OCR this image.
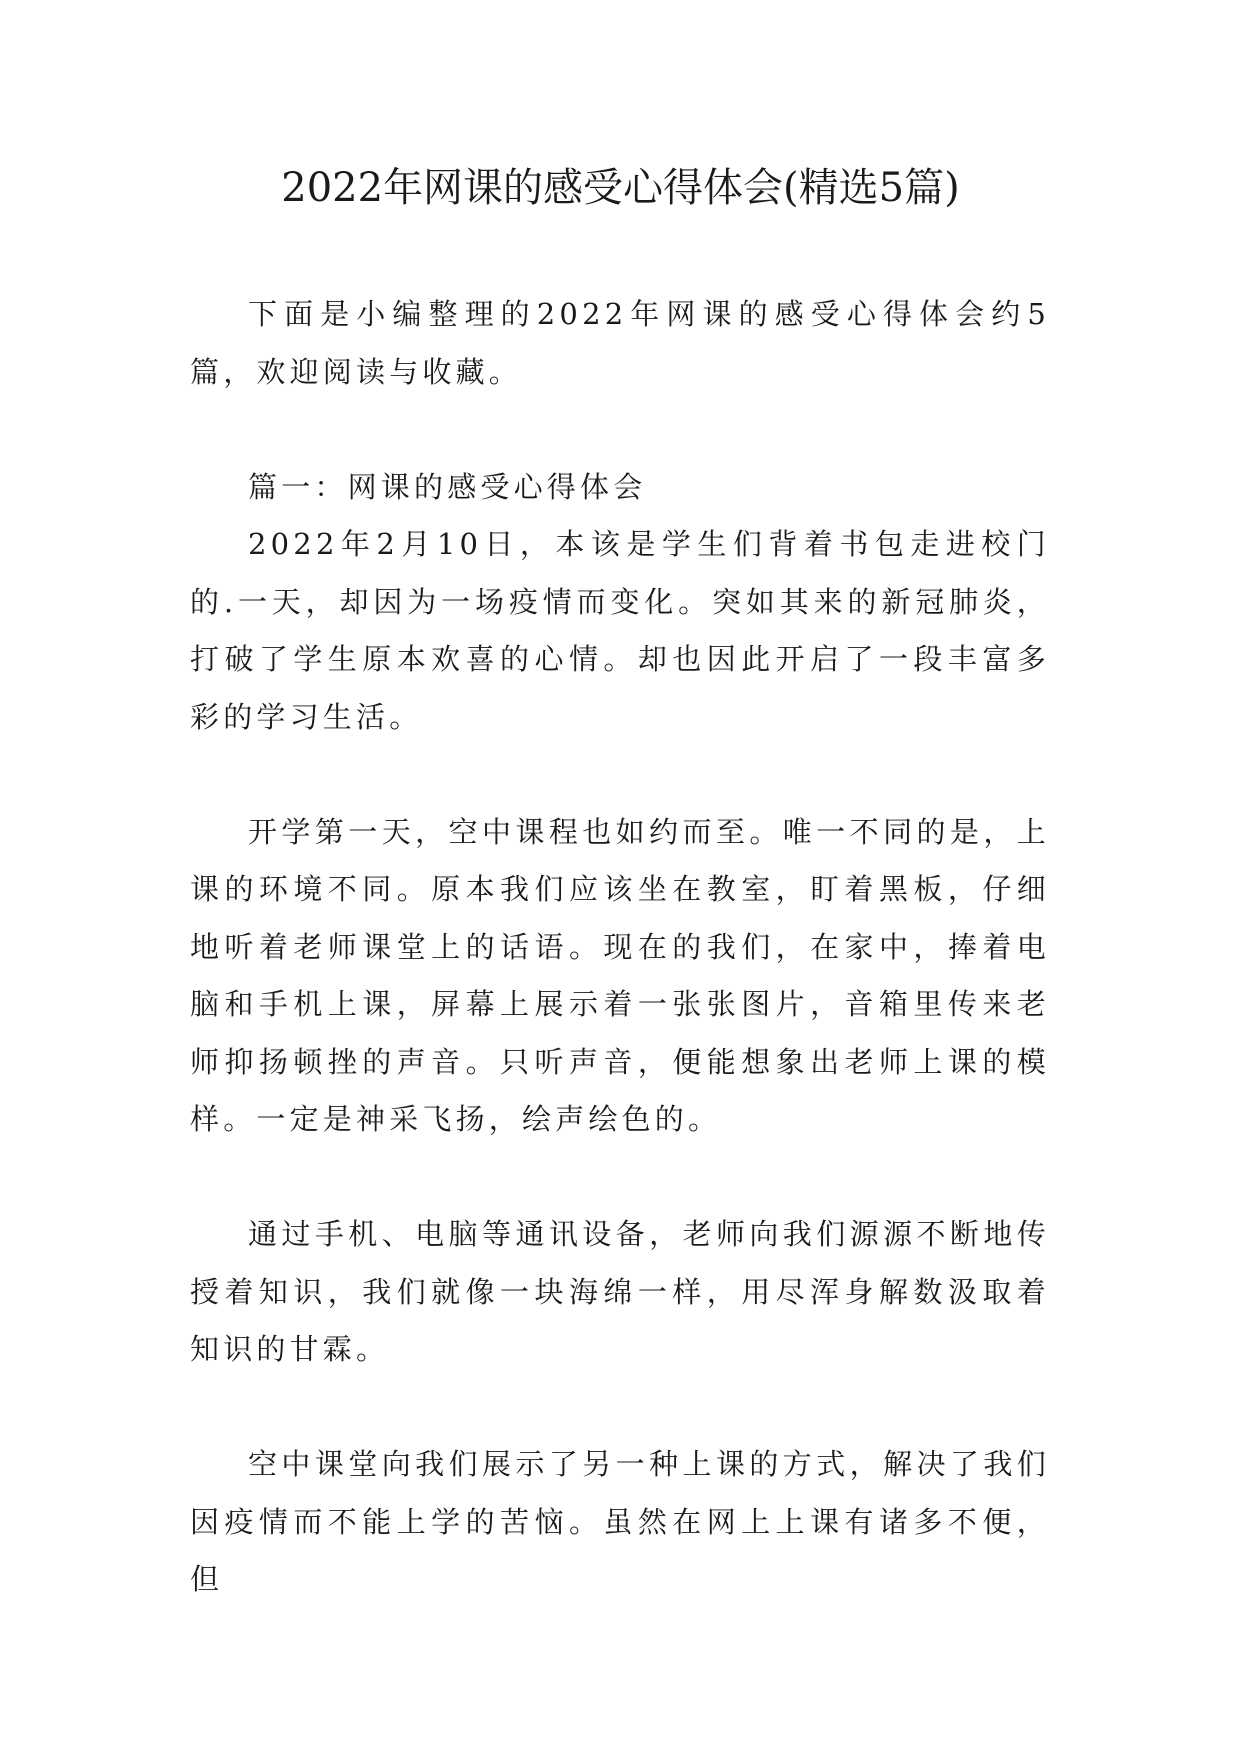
2022年网课的感受心得体会(精选5篇)

下面是小编整理的2022年网课的感受心得体会约5篇，欢迎阅读与收藏。

篇一：网课的感受心得体会

2022年2月10日，本该是学生们背着书包走进校门的.一天，却因为一场疫情而变化。突如其来的新冠肺炎，打破了学生原本欢喜的心情。却也因此开启了一段丰富多彩的学习生活。

开学第一天，空中课程也如约而至。唯一不同的是，上课的环境不同。原本我们应该坐在教室，盯着黑板，仔细地听着老师课堂上的话语。现在的我们，在家中，捧着电脑和手机上课，屏幕上展示着一张张图片，音箱里传来老师抑扬顿挫的声音。只听声音，便能想象出老师上课的模样。一定是神采飞扬，绘声绘色的。

通过手机、电脑等通讯设备，老师向我们源源不断地传授着知识，我们就像一块海绵一样，用尽浑身解数汲取着知识的甘霖。

空中课堂向我们展示了另一种上课的方式，解决了我们因疫情而不能上学的苦恼。虽然在网上上课有诸多不便，但
